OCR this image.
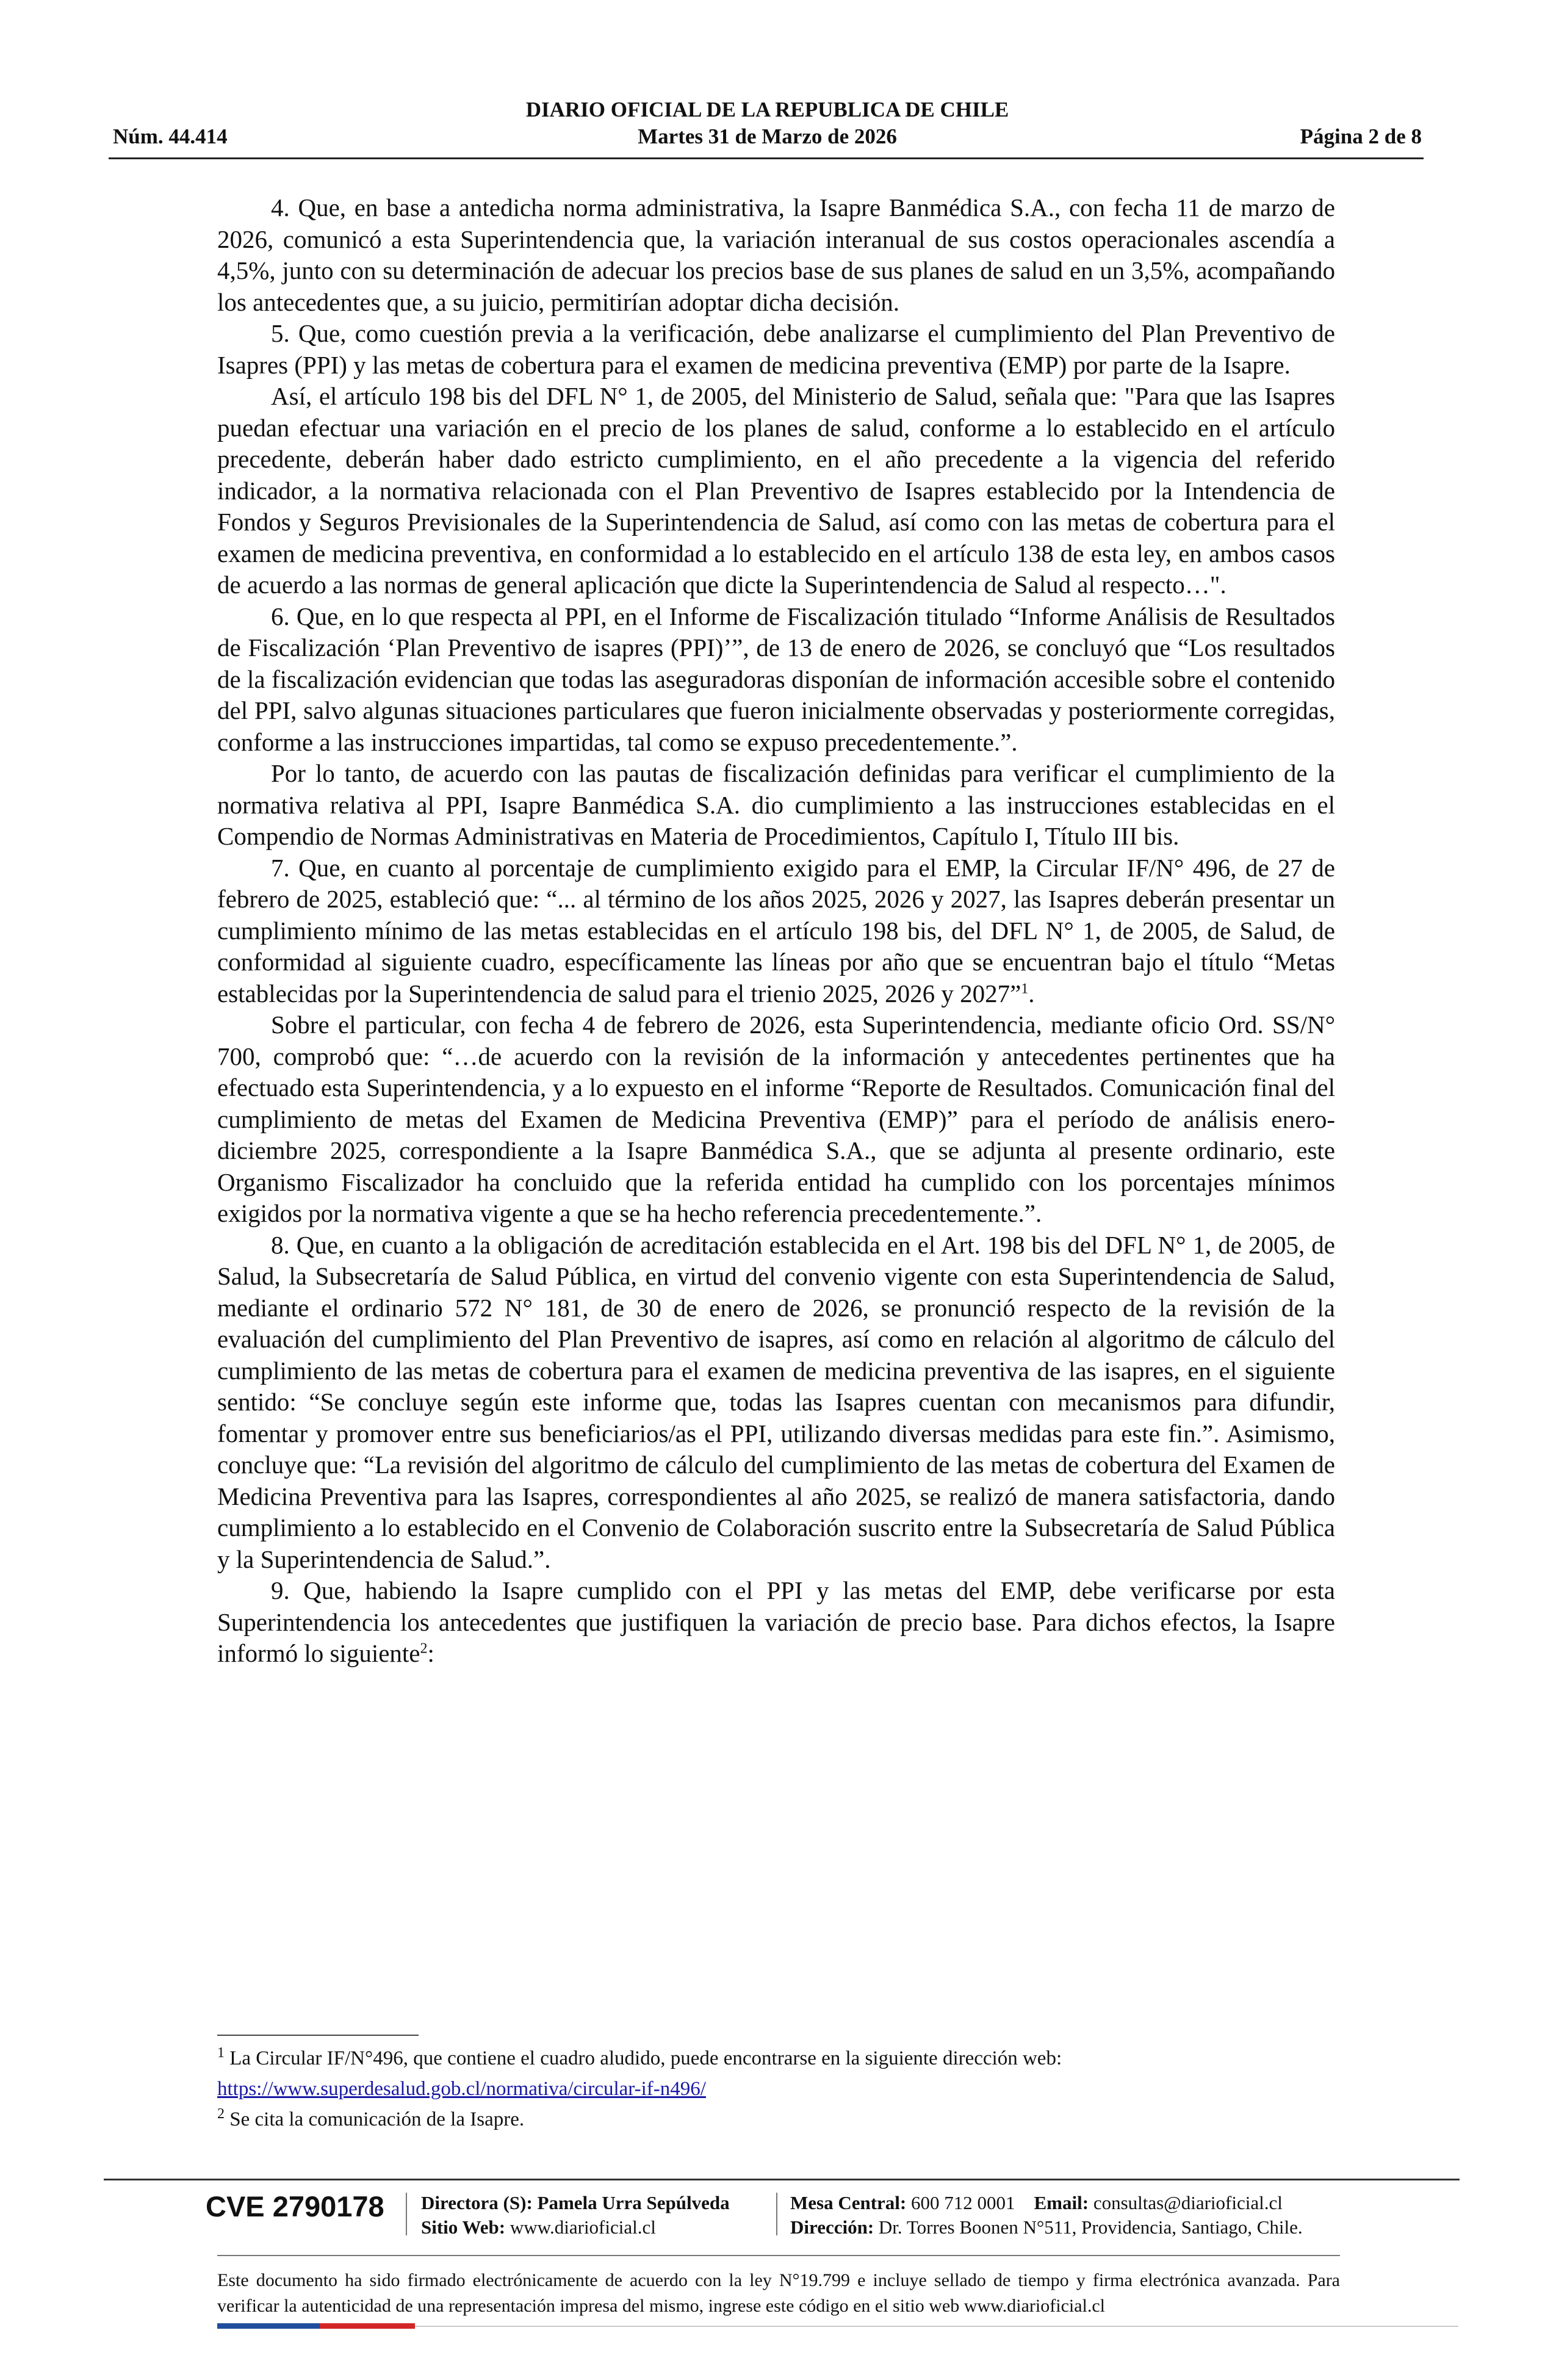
DIARIO OFICIAL DE LA REPUBLICA DE CHILE
Núm. 44.414	Martes 31 de Marzo de 2026	Página 2 de 8

4. Que, en base a antedicha norma administrativa, la Isapre Banmédica S.A., con fecha 11 de marzo de 2026, comunicó a esta Superintendencia que, la variación interanual de sus costos operacionales ascendía a 4,5%, junto con su determinación de adecuar los precios base de sus planes de salud en un 3,5%, acompañando los antecedentes que, a su juicio, permitirían adoptar dicha decisión.

5. Que, como cuestión previa a la verificación, debe analizarse el cumplimiento del Plan Preventivo de Isapres (PPI) y las metas de cobertura para el examen de medicina preventiva (EMP) por parte de la Isapre.

Así, el artículo 198 bis del DFL N° 1, de 2005, del Ministerio de Salud, señala que: "Para que las Isapres puedan efectuar una variación en el precio de los planes de salud, conforme a lo establecido en el artículo precedente, deberán haber dado estricto cumplimiento, en el año precedente a la vigencia del referido indicador, a la normativa relacionada con el Plan Preventivo de Isapres establecido por la Intendencia de Fondos y Seguros Previsionales de la Superintendencia de Salud, así como con las metas de cobertura para el examen de medicina preventiva, en conformidad a lo establecido en el artículo 138 de esta ley, en ambos casos de acuerdo a las normas de general aplicación que dicte la Superintendencia de Salud al respecto…".

6. Que, en lo que respecta al PPI, en el Informe de Fiscalización titulado “Informe Análisis de Resultados de Fiscalización ‘Plan Preventivo de isapres (PPI)’”, de 13 de enero de 2026, se concluyó que “Los resultados de la fiscalización evidencian que todas las aseguradoras disponían de información accesible sobre el contenido del PPI, salvo algunas situaciones particulares que fueron inicialmente observadas y posteriormente corregidas, conforme a las instrucciones impartidas, tal como se expuso precedentemente.”.

Por lo tanto, de acuerdo con las pautas de fiscalización definidas para verificar el cumplimiento de la normativa relativa al PPI, Isapre Banmédica S.A. dio cumplimiento a las instrucciones establecidas en el Compendio de Normas Administrativas en Materia de Procedimientos, Capítulo I, Título III bis.

7. Que, en cuanto al porcentaje de cumplimiento exigido para el EMP, la Circular IF/N° 496, de 27 de febrero de 2025, estableció que: “... al término de los años 2025, 2026 y 2027, las Isapres deberán presentar un cumplimiento mínimo de las metas establecidas en el artículo 198 bis, del DFL N° 1, de 2005, de Salud, de conformidad al siguiente cuadro, específicamente las líneas por año que se encuentran bajo el título “Metas establecidas por la Superintendencia de salud para el trienio 2025, 2026 y 2027”$^1$.

Sobre el particular, con fecha 4 de febrero de 2026, esta Superintendencia, mediante oficio Ord. SS/N° 700, comprobó que: “…de acuerdo con la revisión de la información y antecedentes pertinentes que ha efectuado esta Superintendencia, y a lo expuesto en el informe “Reporte de Resultados. Comunicación final del cumplimiento de metas del Examen de Medicina Preventiva (EMP)” para el período de análisis enero-diciembre 2025, correspondiente a la Isapre Banmédica S.A., que se adjunta al presente ordinario, este Organismo Fiscalizador ha concluido que la referida entidad ha cumplido con los porcentajes mínimos exigidos por la normativa vigente a que se ha hecho referencia precedentemente.”.

8. Que, en cuanto a la obligación de acreditación establecida en el Art. 198 bis del DFL N° 1, de 2005, de Salud, la Subsecretaría de Salud Pública, en virtud del convenio vigente con esta Superintendencia de Salud, mediante el ordinario 572 N° 181, de 30 de enero de 2026, se pronunció respecto de la revisión de la evaluación del cumplimiento del Plan Preventivo de isapres, así como en relación al algoritmo de cálculo del cumplimiento de las metas de cobertura para el examen de medicina preventiva de las isapres, en el siguiente sentido: “Se concluye según este informe que, todas las Isapres cuentan con mecanismos para difundir, fomentar y promover entre sus beneficiarios/as el PPI, utilizando diversas medidas para este fin.”. Asimismo, concluye que: “La revisión del algoritmo de cálculo del cumplimiento de las metas de cobertura del Examen de Medicina Preventiva para las Isapres, correspondientes al año 2025, se realizó de manera satisfactoria, dando cumplimiento a lo establecido en el Convenio de Colaboración suscrito entre la Subsecretaría de Salud Pública y la Superintendencia de Salud.”.

9. Que, habiendo la Isapre cumplido con el PPI y las metas del EMP, debe verificarse por esta Superintendencia los antecedentes que justifiquen la variación de precio base. Para dichos efectos, la Isapre informó lo siguiente$^2$:

$^1$ La Circular IF/N°496, que contiene el cuadro aludido, puede encontrarse en la siguiente dirección web: https://www.superdesalud.gob.cl/normativa/circular-if-n496/
$^2$ Se cita la comunicación de la Isapre.
CVE 2790178 Directora (S): Pamela Urra Sepúlveda
Sitio Web: www.diarioficial.cl
Mesa Central: 600 712 0001 Email: consultas@diarioficial.cl
Dirección: Dr. Torres Boonen N°511, Providencia, Santiago, Chile.
Este documento ha sido firmado electrónicamente de acuerdo con la ley N°19.799 e incluye sellado de tiempo y firma electrónica avanzada. Para verificar la autenticidad de una representación impresa del mismo, ingrese este código en el sitio web www.diarioficial.cl
